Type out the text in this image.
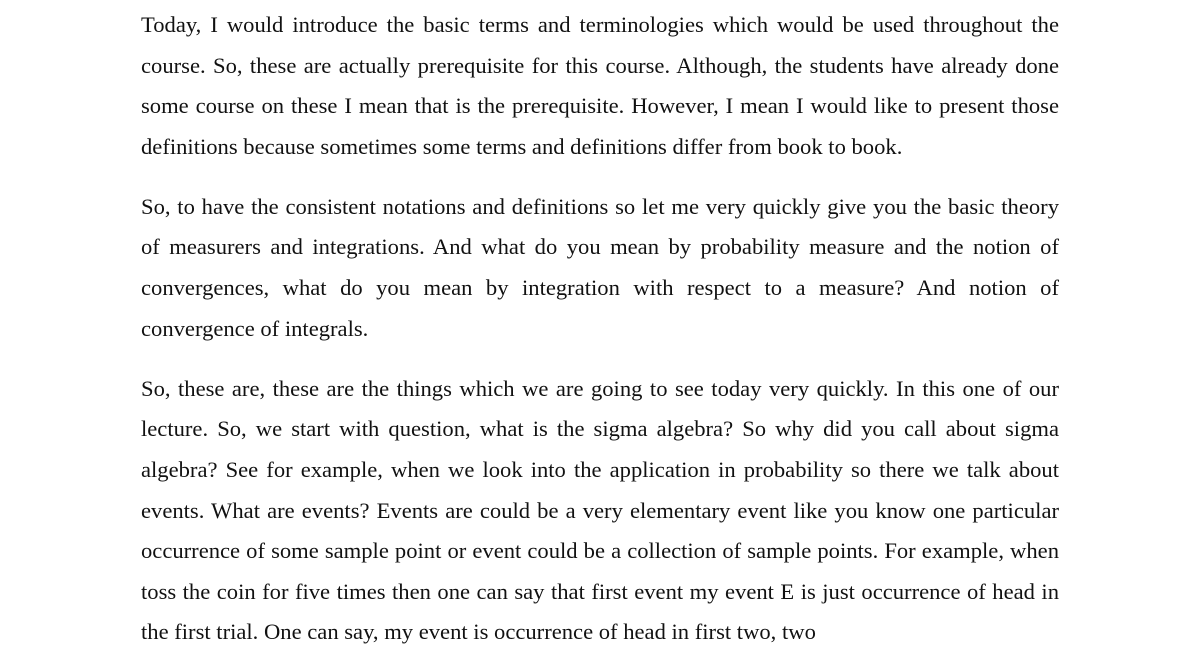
Today, I would introduce the basic terms and terminologies which would be used throughout the course. So, these are actually prerequisite for this course. Although, the students have already done some course on these I mean that is the prerequisite. However, I mean I would like to present those definitions because sometimes some terms and definitions differ from book to book.

So, to have the consistent notations and definitions so let me very quickly give you the basic theory of measurers and integrations. And what do you mean by probability measure and the notion of convergences, what do you mean by integration with respect to a measure? And notion of convergence of integrals.

So, these are, these are the things which we are going to see today very quickly. In this one of our lecture. So, we start with question, what is the sigma algebra? So why did you call about sigma algebra? See for example, when we look into the application in probability so there we talk about events. What are events? Events are could be a very elementary event like you know one particular occurrence of some sample point or event could be a collection of sample points. For example, when toss the coin for five times then one can say that first event my event E is just occurrence of head in the first trial. One can say, my event is occurrence of head in first two, two
